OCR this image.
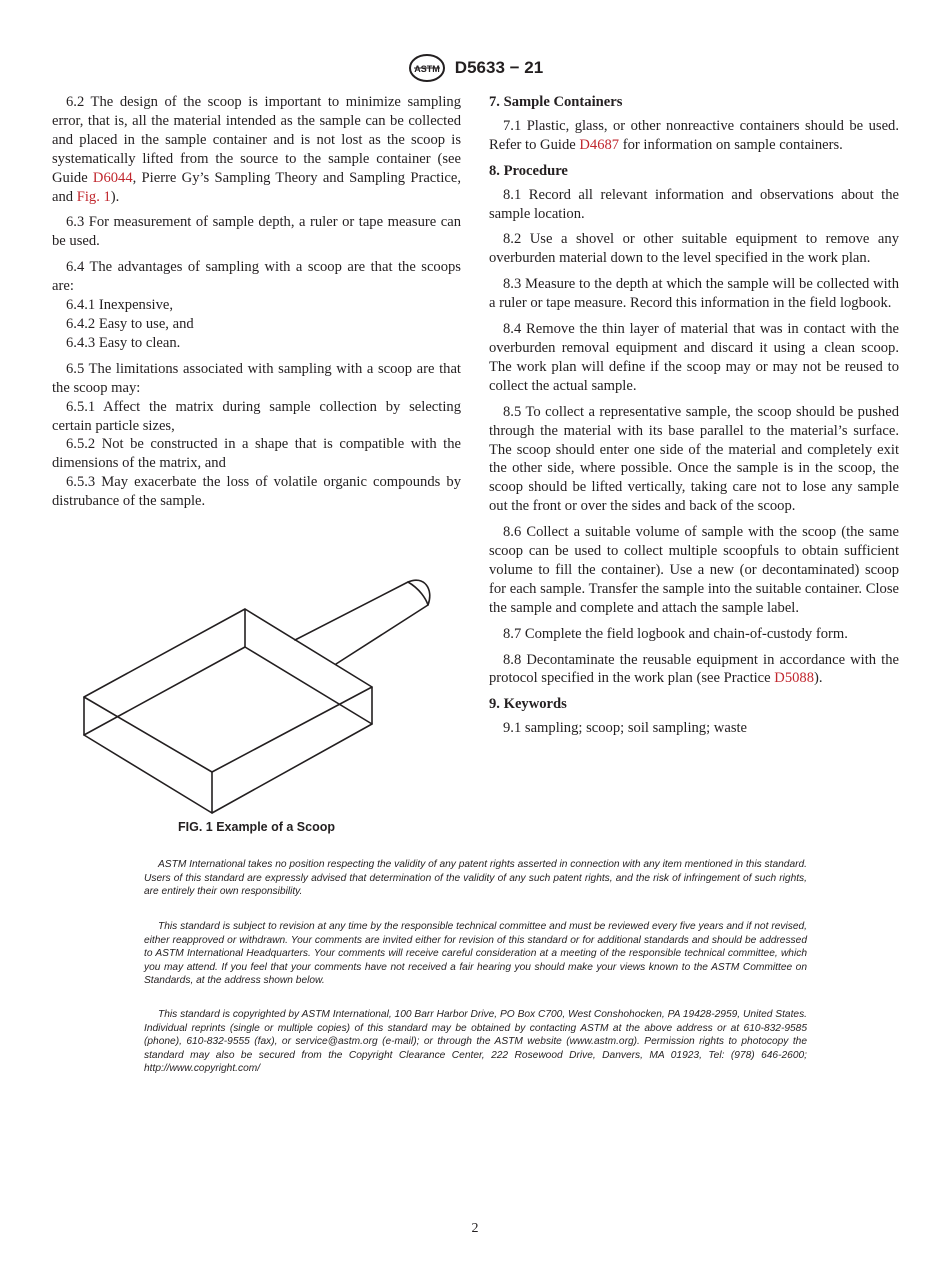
ASTM D5633 − 21

6.2 The design of the scoop is important to minimize sampling error, that is, all the material intended as the sample can be collected and placed in the sample container and is not lost as the scoop is systematically lifted from the source to the sample container (see Guide D6044, Pierre Gy’s Sampling Theory and Sampling Practice, and Fig. 1).

6.3 For measurement of sample depth, a ruler or tape measure can be used.

6.4 The advantages of sampling with a scoop are that the scoops are:

6.4.1 Inexpensive,

6.4.2 Easy to use, and

6.4.3 Easy to clean.

6.5 The limitations associated with sampling with a scoop are that the scoop may:

6.5.1 Affect the matrix during sample collection by selecting certain particle sizes,

6.5.2 Not be constructed in a shape that is compatible with the dimensions of the matrix, and

6.5.3 May exacerbate the loss of volatile organic compounds by distrubance of the sample.

FIG. 1 Example of a Scoop
7. Sample Containers

7.1 Plastic, glass, or other nonreactive containers should be used. Refer to Guide D4687 for information on sample containers.

8. Procedure

8.1 Record all relevant information and observations about the sample location.

8.2 Use a shovel or other suitable equipment to remove any overburden material down to the level specified in the work plan.

8.3 Measure to the depth at which the sample will be collected with a ruler or tape measure. Record this information in the field logbook.

8.4 Remove the thin layer of material that was in contact with the overburden removal equipment and discard it using a clean scoop. The work plan will define if the scoop may or may not be reused to collect the actual sample.

8.5 To collect a representative sample, the scoop should be pushed through the material with its base parallel to the material’s surface. The scoop should enter one side of the material and completely exit the other side, where possible. Once the sample is in the scoop, the scoop should be lifted vertically, taking care not to lose any sample out the front or over the sides and back of the scoop.

8.6 Collect a suitable volume of sample with the scoop (the same scoop can be used to collect multiple scoopfuls to obtain sufficient volume to fill the container). Use a new (or decontaminated) scoop for each sample. Transfer the sample into the suitable container. Close the sample and complete and attach the sample label.

8.7 Complete the field logbook and chain-of-custody form.

8.8 Decontaminate the reusable equipment in accordance with the protocol specified in the work plan (see Practice D5088).

9. Keywords

9.1 sampling; scoop; soil sampling; waste

ASTM International takes no position respecting the validity of any patent rights asserted in connection with any item mentioned in this standard. Users of this standard are expressly advised that determination of the validity of any such patent rights, and the risk of infringement of such rights, are entirely their own responsibility.

This standard is subject to revision at any time by the responsible technical committee and must be reviewed every five years and if not revised, either reapproved or withdrawn. Your comments are invited either for revision of this standard or for additional standards and should be addressed to ASTM International Headquarters. Your comments will receive careful consideration at a meeting of the responsible technical committee, which you may attend. If you feel that your comments have not received a fair hearing you should make your views known to the ASTM Committee on Standards, at the address shown below.

This standard is copyrighted by ASTM International, 100 Barr Harbor Drive, PO Box C700, West Conshohocken, PA 19428-2959, United States. Individual reprints (single or multiple copies) of this standard may be obtained by contacting ASTM at the above address or at 610-832-9585 (phone), 610-832-9555 (fax), or service@astm.org (e-mail); or through the ASTM website (www.astm.org). Permission rights to photocopy the standard may also be secured from the Copyright Clearance Center, 222 Rosewood Drive, Danvers, MA 01923, Tel: (978) 646-2600; http://www.copyright.com/

2
